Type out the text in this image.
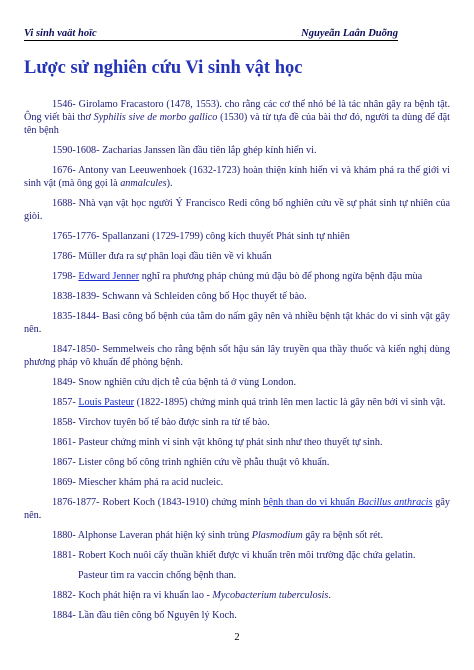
Vi sinh vaät hoïc	Nguyeãn Laân Duõng
Lược sử nghiên cứu Vi sinh vật học

1546- Girolamo Fracastoro (1478, 1553). cho rằng các cơ thể nhỏ bé là tác nhân gây ra bệnh tật. Ông viết bài thơ Syphilis sive de morbo gallico (1530) và từ tựa đề của bài thơ đó, người ta dùng để đặt tên bệnh

1590-1608- Zacharias Janssen lần đầu tiên lắp ghép kính hiển vi.

1676- Antony van Leeuwenhoek (1632-1723) hoàn thiện kính hiển vi và khám phá ra thế giới vi sinh vật (mà ông gọi là anmalcules).

1688- Nhà vạn vật học người Ý Francisco Redi công bố nghiên cứu về sự phát sinh tự nhiên của giòi.

1765-1776- Spallanzani (1729-1799) công kích thuyết Phát sinh tự nhiên

1786- Müller đưa ra sự phân loại đầu tiên về vi khuẩn

1798- Edward Jenner nghĩ ra phương pháp chủng mủ đậu bò để phong ngừa bệnh đậu mùa

1838-1839- Schwann và Schleiden công bố Học thuyết tế bào.

1835-1844- Basi công bố bệnh của tằm do nấm gây nên và nhiều bệnh tật khác do vi sinh vật gây nên.

1847-1850- Semmelweis cho rằng bệnh sốt hậu sản lây truyền qua thầy thuốc và kiến nghị dùng phương pháp vô khuẩn để phòng bệnh.

1849- Snow nghiên cứu dịch tễ của bệnh tả ở vùng London.

1857- Louis Pasteur (1822-1895) chứng minh quá trình lên men lactic là gây nên bởi vi sinh vật.

1858- Virchov tuyên bố tế bào được sinh ra từ tế bào.

1861- Pasteur chứng minh vi sinh vật không tự phát sinh như theo thuyết tự sinh.

1867- Lister công bố công trình nghiên cứu về phẫu thuật vô khuẩn.

1869- Miescher khám phá ra acid nucleic.

1876-1877- Robert Koch (1843-1910) chứng minh bệnh than do vi khuẩn Bacillus anthracis gây nên.

1880- Alphonse Laveran phát hiện ký sinh trùng Plasmodium gây ra bệnh sốt rét.

1881- Robert Koch nuôi cấy thuần khiết được vi khuẩn trên môi trường đặc chứa gelatin.

Pasteur tìm ra vaccin chống bệnh than.

1882- Koch phát hiện ra vi khuẩn lao - Mycobacterium tuberculosis.

1884- Lần đầu tiên công bố Nguyên lý Koch.

2
